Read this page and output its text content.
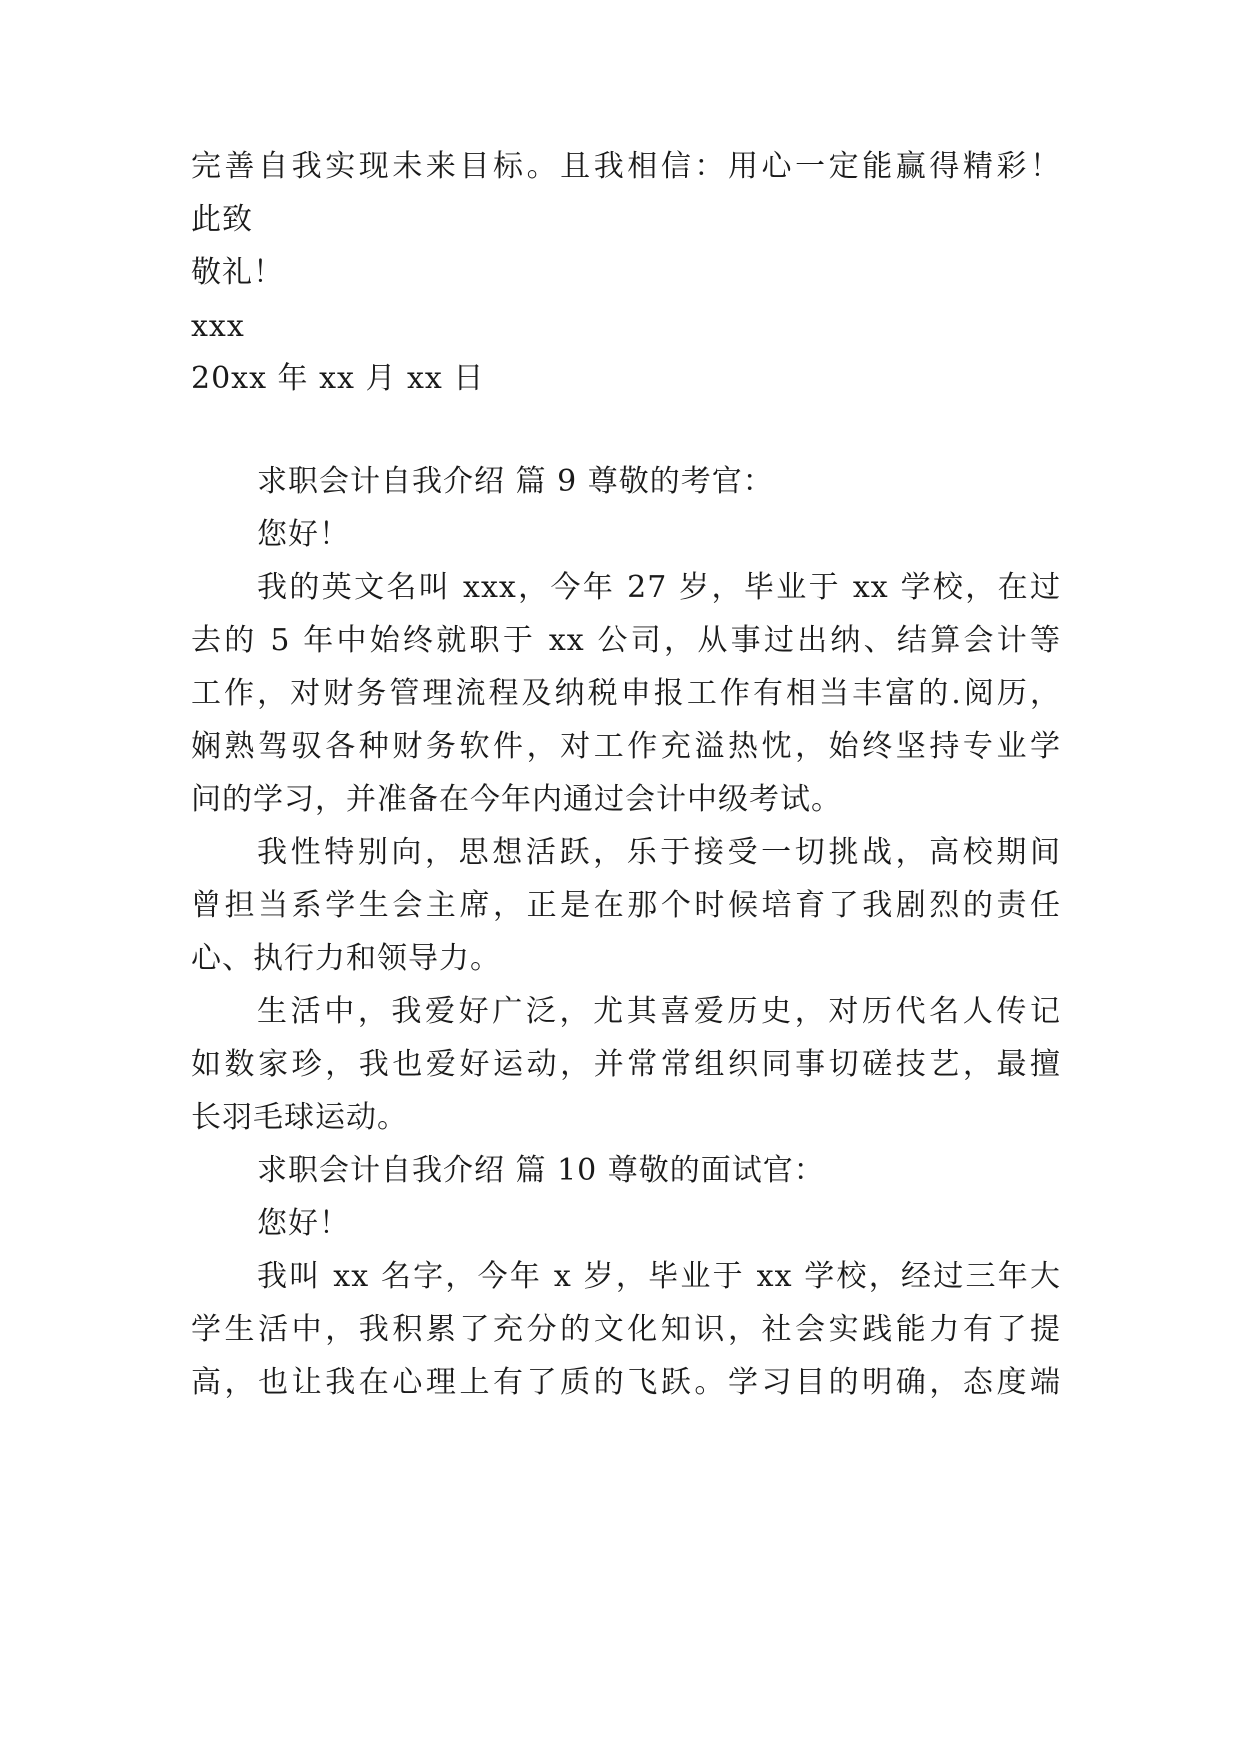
完善自我实现未来目标。且我相信：用心一定能赢得精彩！
此致
敬礼！
xxx
20xx 年 xx 月 xx 日
求职会计自我介绍 篇 9 尊敬的考官：
您好！
我的英文名叫 xxx，今年 27 岁，毕业于 xx 学校，在过
去的 5 年中始终就职于 xx 公司，从事过出纳、结算会计等
工作，对财务管理流程及纳税申报工作有相当丰富的.阅历，
娴熟驾驭各种财务软件，对工作充溢热忱，始终坚持专业学
问的学习，并准备在今年内通过会计中级考试。
我性特别向，思想活跃，乐于接受一切挑战，高校期间
曾担当系学生会主席，正是在那个时候培育了我剧烈的责任
心、执行力和领导力。
生活中，我爱好广泛，尤其喜爱历史，对历代名人传记
如数家珍，我也爱好运动，并常常组织同事切磋技艺，最擅
长羽毛球运动。
求职会计自我介绍 篇 10 尊敬的面试官：
您好！
我叫 xx 名字，今年 x 岁，毕业于 xx 学校，经过三年大
学生活中，我积累了充分的文化知识，社会实践能力有了提
高，也让我在心理上有了质的飞跃。学习目的明确，态度端
